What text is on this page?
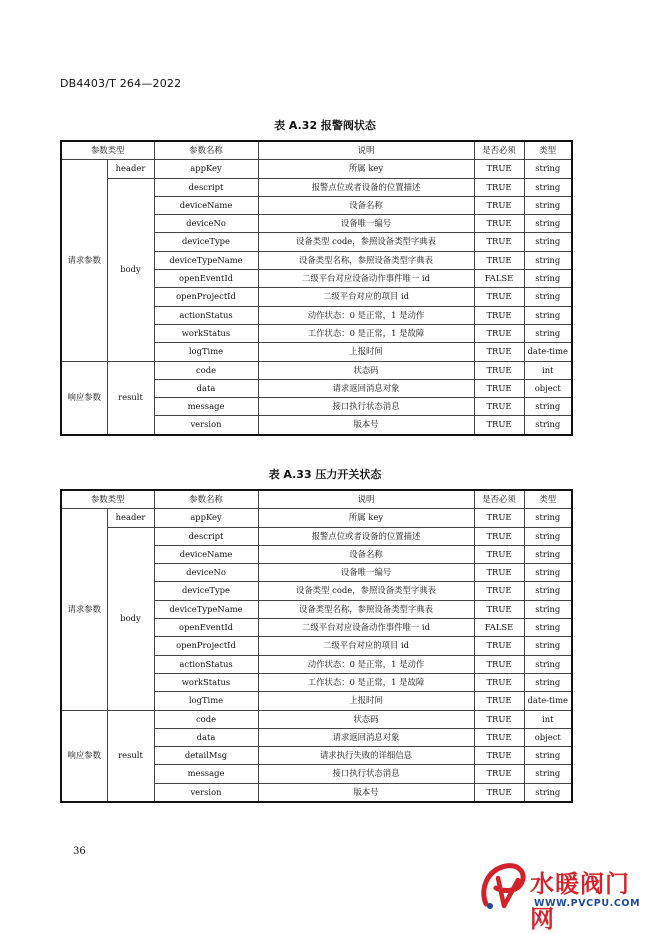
DB4403/T 264—2022
表 A.32 报警阀状态
参数类型		参数名称	说明	是否必须	类型
请求参数	header	appKey	所属 key	TRUE	string
	body	descript	报警点位或者设备的位置描述	TRUE	string
		deviceName	设备名称	TRUE	string
		deviceNo	设备唯一编号	TRUE	string
		deviceType	设备类型 code，参照设备类型字典表	TRUE	string
		deviceTypeName	设备类型名称，参照设备类型字典表	TRUE	string
		openEventId	二级平台对应设备动作事件唯一 id	FALSE	string
		openProjectId	二级平台对应的项目 id	TRUE	string
		actionStatus	动作状态：0 是正常，1 是动作	TRUE	string
		workStatus	工作状态：0 是正常，1 是故障	TRUE	string
		logTime	上报时间	TRUE	date-time
响应参数	result	code	状态码	TRUE	int
		data	请求返回消息对象	TRUE	object
		message	接口执行状态消息	TRUE	string
		version	版本号	TRUE	string
表 A.33 压力开关状态
参数类型		参数名称	说明	是否必须	类型
请求参数	header	appKey	所属 key	TRUE	string
	body	descript	报警点位或者设备的位置描述	TRUE	string
		deviceName	设备名称	TRUE	string
		deviceNo	设备唯一编号	TRUE	string
		deviceType	设备类型 code，参照设备类型字典表	TRUE	string
		deviceTypeName	设备类型名称，参照设备类型字典表	TRUE	string
		openEventId	二级平台对应设备动作事件唯一 id	FALSE	string
		openProjectId	二级平台对应的项目 id	TRUE	string
		actionStatus	动作状态：0 是正常，1 是动作	TRUE	string
		workStatus	工作状态：0 是正常，1 是故障	TRUE	string
		logTime	上报时间	TRUE	date-time
响应参数	result	code	状态码	TRUE	int
		data	请求返回消息对象	TRUE	object
		detailMsg	请求执行失败的详细信息	TRUE	string
		message	接口执行状态消息	TRUE	string
		version	版本号	TRUE	string
36
水暖阀门网
WWW.PVCPU.COM
